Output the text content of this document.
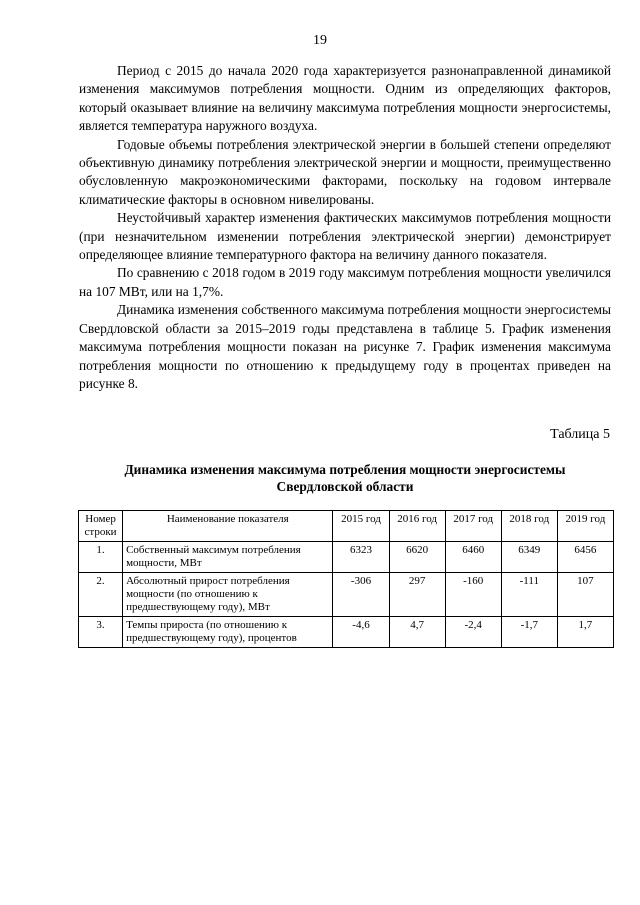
19

Период с 2015 до начала 2020 года характеризуется разнонаправленной динамикой изменения максимумов потребления мощности. Одним из определяющих факторов, который оказывает влияние на величину максимума потребления мощности энергосистемы, является температура наружного воздуха.

Годовые объемы потребления электрической энергии в большей степени определяют объективную динамику потребления электрической энергии и мощности, преимущественно обусловленную макроэкономическими факторами, поскольку на годовом интервале климатические факторы в основном нивелированы.

Неустойчивый характер изменения фактических максимумов потребления мощности (при незначительном изменении потребления электрической энергии) демонстрирует определяющее влияние температурного фактора на величину данного показателя.

По сравнению с 2018 годом в 2019 году максимум потребления мощности увеличился на 107 МВт, или на 1,7%.

Динамика изменения собственного максимума потребления мощности энергосистемы Свердловской области за 2015–2019 годы представлена в таблице 5. График изменения максимума потребления мощности показан на рисунке 7. График изменения максимума потребления мощности по отношению к предыдущему году в процентах приведен на рисунке 8.

Таблица 5
Динамика изменения максимума потребления мощности энергосистемы
Свердловской области
Номер строки	Наименование показателя	2015 год	2016 год	2017 год	2018 год	2019 год
1.	Собственный максимум потребления мощности, МВт	6323	6620	6460	6349	6456
2.	Абсолютный прирост потребления мощности (по отношению к предшествующему году), МВт	-306	297	-160	-111	107
3.	Темпы прироста (по отношению к предшествующему году), процентов	-4,6	4,7	-2,4	-1,7	1,7
